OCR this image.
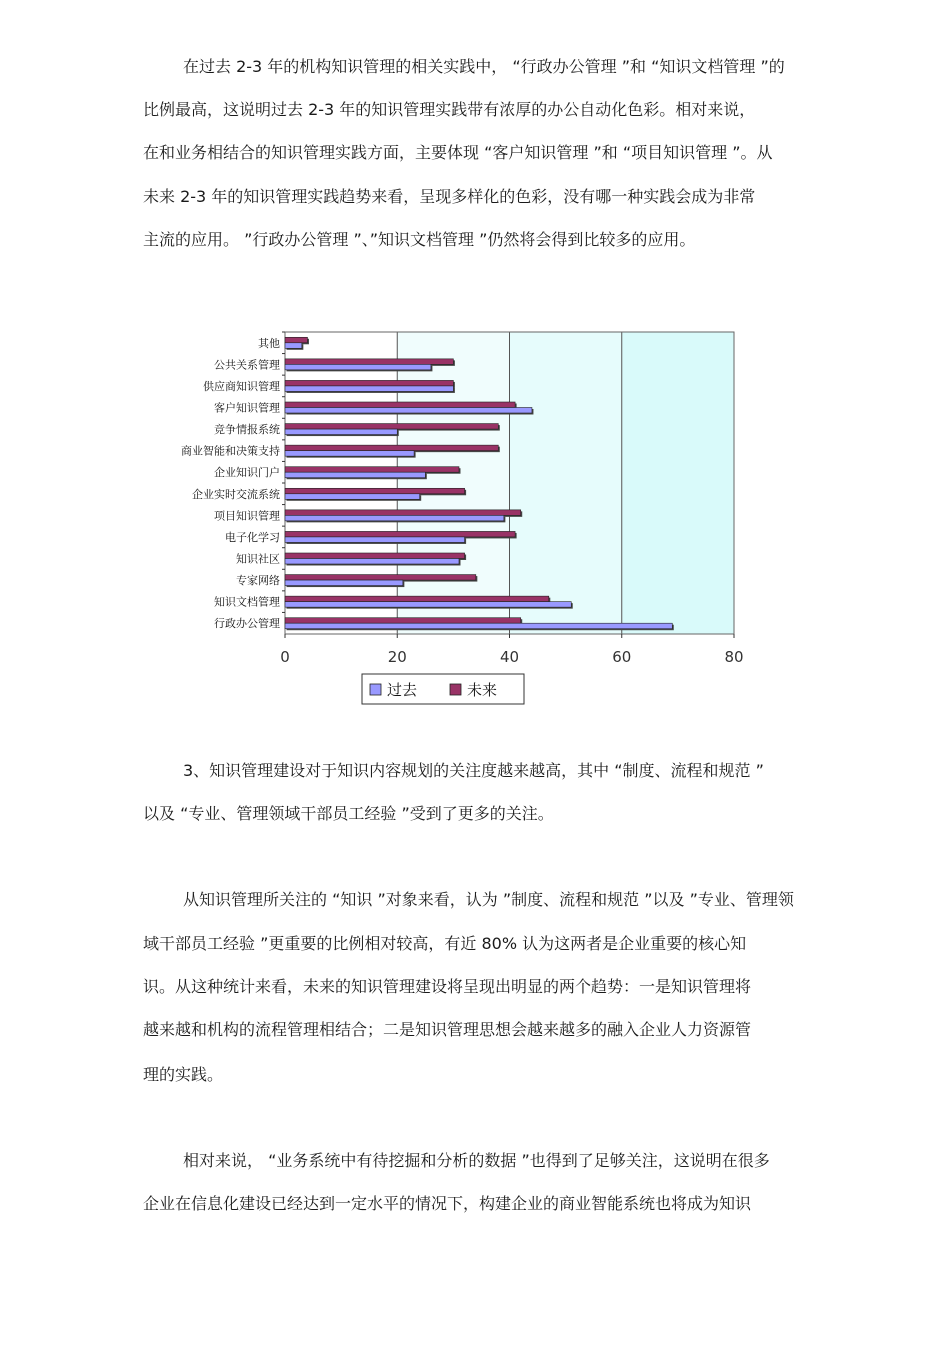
在过去 2-3 年的机构知识管理的相关实践中， “行政办公管理 ”和 “知识文档管理 ”的
比例最高，这说明过去 2-3 年的知识管理实践带有浓厚的办公自动化色彩。相对来说，
在和业务相结合的知识管理实践方面，主要体现 “客户知识管理 ”和 “项目知识管理 ”。从
未来 2-3 年的知识管理实践趋势来看，呈现多样化的色彩，没有哪一种实践会成为非常
主流的应用。 ”行政办公管理 ”、”知识文档管理 ”仍然将会得到比较多的应用。
其他
公共关系管理
供应商知识管理
客户知识管理
竞争情报系统
商业智能和决策支持
企业知识门户
企业实时交流系统
项目知识管理
电子化学习
知识社区
专家网络
知识文档管理
行政办公管理
0	20	40	60	80
过去	未来
3、知识管理建设对于知识内容规划的关注度越来越高，其中 “制度、流程和规范 ”
以及 “专业、管理领域干部员工经验 ”受到了更多的关注。
从知识管理所关注的 “知识 ”对象来看，认为 ”制度、流程和规范 ”以及 ”专业、管理领
域干部员工经验 ”更重要的比例相对较高，有近 80% 认为这两者是企业重要的核心知
识。从这种统计来看，未来的知识管理建设将呈现出明显的两个趋势：一是知识管理将
越来越和机构的流程管理相结合；二是知识管理思想会越来越多的融入企业人力资源管
理的实践。
相对来说， “业务系统中有待挖掘和分析的数据 ”也得到了足够关注，这说明在很多
企业在信息化建设已经达到一定水平的情况下，构建企业的商业智能系统也将成为知识
